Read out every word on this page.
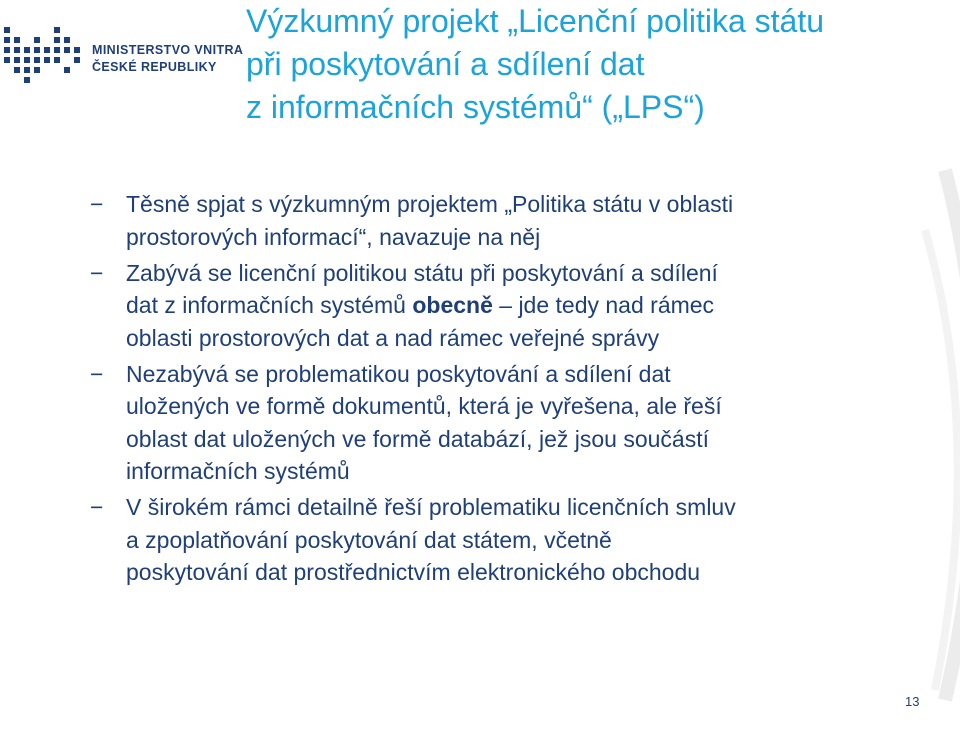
MINISTERSTVO VNITRA
ČESKÉ REPUBLIKY
Výzkumný projekt „Licenční politika státu
při poskytování a sdílení dat
z informačních systémů“ („LPS“)
− Těsně spjat s výzkumným projektem „Politika státu v oblasti
prostorových informací“, navazuje na něj
− Zabývá se licenční politikou státu při poskytování a sdílení
dat z informačních systémů obecně – jde tedy nad rámec
oblasti prostorových dat a nad rámec veřejné správy
− Nezabývá se problematikou poskytování a sdílení dat
uložených ve formě dokumentů, která je vyřešena, ale řeší
oblast dat uložených ve formě databází, jež jsou součástí
informačních systémů
− V širokém rámci detailně řeší problematiku licenčních smluv
a zpoplatňování poskytování dat státem, včetně
poskytování dat prostřednictvím elektronického obchodu
13
